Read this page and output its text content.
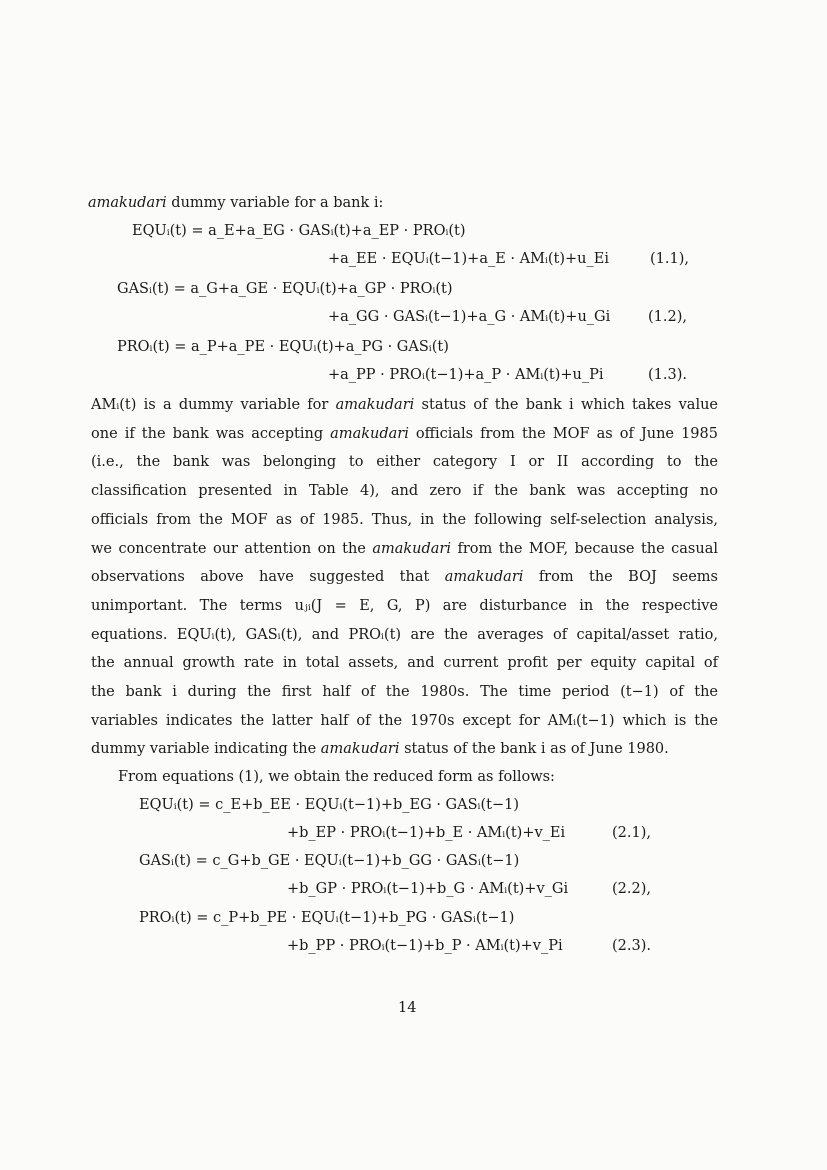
amakudari dummy variable for a bank i:
EQUᵢ(t) = a_E+a_EG · GASᵢ(t)+a_EP · PROᵢ(t)
+a_EE · EQUᵢ(t−1)+a_E · AMᵢ(t)+u_Ei	(1.1),
GASᵢ(t) = a_G+a_GE · EQUᵢ(t)+a_GP · PROᵢ(t)
+a_GG · GASᵢ(t−1)+a_G · AMᵢ(t)+u_Gi	(1.2),
PROᵢ(t) = a_P+a_PE · EQUᵢ(t)+a_PG · GASᵢ(t)
+a_PP · PROᵢ(t−1)+a_P · AMᵢ(t)+u_Pi	(1.3).
AMᵢ(t) is a dummy variable for amakudari status of the bank i which takes value
one if the bank was accepting amakudari officials from the MOF as of June 1985
(i.e., the bank was belonging to either category I or II according to the
classification presented in Table 4), and zero if the bank was accepting no
officials from the MOF as of 1985. Thus, in the following self-selection analysis,
we concentrate our attention on the amakudari from the MOF, because the casual
observations above have suggested that amakudari from the BOJ seems
unimportant. The terms uⱼᵢ(J = E, G, P) are disturbance in the respective
equations. EQUᵢ(t), GASᵢ(t), and PROᵢ(t) are the averages of capital/asset ratio,
the annual growth rate in total assets, and current profit per equity capital of
the bank i during the first half of the 1980s. The time period (t−1) of the
variables indicates the latter half of the 1970s except for AMᵢ(t−1) which is the
dummy variable indicating the amakudari status of the bank i as of June 1980.
From equations (1), we obtain the reduced form as follows:
EQUᵢ(t) = c_E+b_EE · EQUᵢ(t−1)+b_EG · GASᵢ(t−1)
+b_EP · PROᵢ(t−1)+b_E · AMᵢ(t)+v_Ei	(2.1),
GASᵢ(t) = c_G+b_GE · EQUᵢ(t−1)+b_GG · GASᵢ(t−1)
+b_GP · PROᵢ(t−1)+b_G · AMᵢ(t)+v_Gi	(2.2),
PROᵢ(t) = c_P+b_PE · EQUᵢ(t−1)+b_PG · GASᵢ(t−1)
+b_PP · PROᵢ(t−1)+b_P · AMᵢ(t)+v_Pi	(2.3).
14
